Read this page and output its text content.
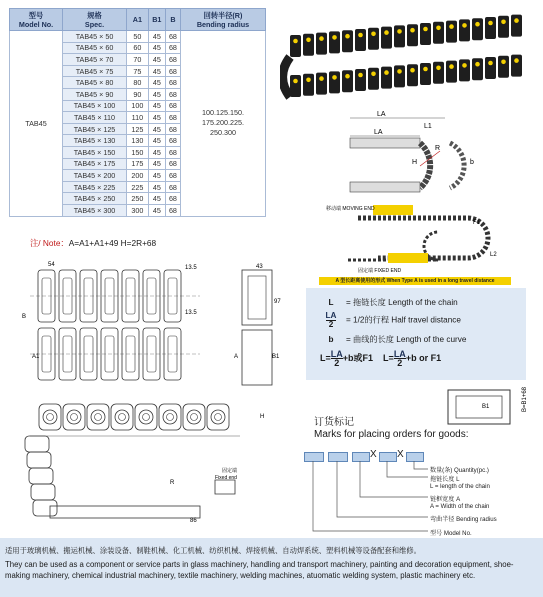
型号
Model No.	规格
Spec.	A1	B1	B	回转半径(R)
Bending radius
TAB45	TAB45 × 50	50	45	68	100.125.150.
175.200.225.
250.300

	TAB45 × 60	60	45	68	
	TAB45 × 70	70	45	68	
	TAB45 × 75	75	45	68	
	TAB45 × 80	80	45	68	
	TAB45 × 90	90	45	68	
	TAB45 × 100	100	45	68	
	TAB45 × 110	110	45	68	
	TAB45 × 125	125	45	68	
	TAB45 × 130	130	45	68	
	TAB45 × 150	150	45	68	
	TAB45 × 175	175	45	68	
	TAB45 × 200	200	45	68	
	TAB45 × 225	225	45	68	
	TAB45 × 250	250	45	68	
	TAB45 × 300	300	45	68	
注/ Note：A=A1+A1+49 H=2R+68
LA
LA
L1
R
H	b
移动端 MOVING END
固定端 FIXED END
F1
L2
A 型长距离使用的形式 When Type A is used in a long travel distance
54	13.5
13.5
B
A1
43
97
A	B1
H
R
86
固定端
Fixed end
L = 拖链长度 Length of the chain
$\frac{LA}{2} = 1/2$的行程 Half travel distance
b = 曲线的长度 Length of the curve
$L= \frac{LA}{2} +b$或F1 $L= \frac{LA}{2} +b$ or F1
B1	B=B1+68
订货标记
Marks for placing orders for goods:
X X
数量(条) Quantity(pc.)
拖链长度 L
L = length of the chain
链框宽度 A
A = Width of the chain
弯曲半径 Bending radius
型号 Model No.
适用于玻璃机械、搬运机械、涂装设备、制鞋机械、化工机械、纺织机械、焊接机械、自动焊系统、塑料机械等设备配套和维修。
They can be used as a component or service parts in glass machinery, handling and transport machinery, painting and decoration equipment, shoe-making machinery, chemical industrial machinery, textile machinery, welding machines, atuomatic welding system, plastic machinery etc.
